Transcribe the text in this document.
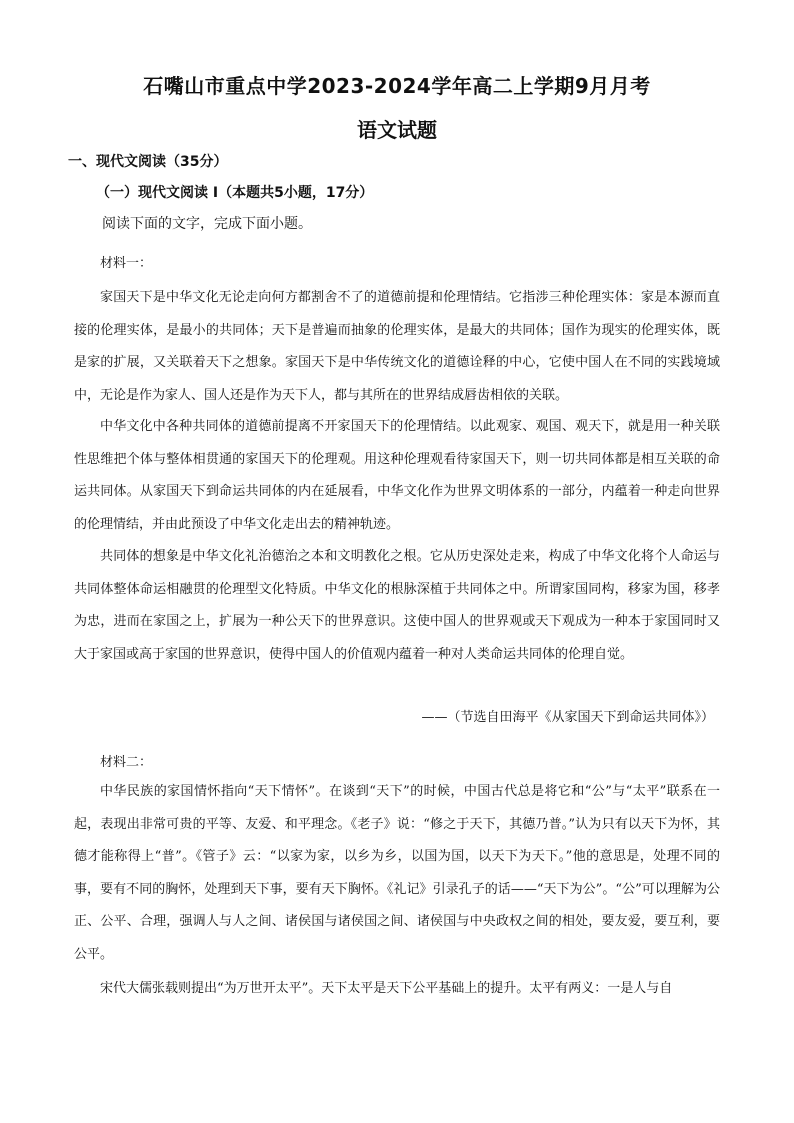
石嘴山市重点中学2023-2024学年高二上学期9月月考
语文试题
一、现代文阅读（35分）
（一）现代文阅读 I（本题共5小题，17分）

阅读下面的文字，完成下面小题。

材料一：

家国天下是中华文化无论走向何方都割舍不了的道德前提和伦理情结。它指涉三种伦理实体：家是本源而直接的伦理实体，是最小的共同体；天下是普遍而抽象的伦理实体，是最大的共同体；国作为现实的伦理实体，既是家的扩展，又关联着天下之想象。家国天下是中华传统文化的道德诠释的中心，它使中国人在不同的实践境域中，无论是作为家人、国人还是作为天下人，都与其所在的世界结成唇齿相依的关联。

中华文化中各种共同体的道德前提离不开家国天下的伦理情结。以此观家、观国、观天下，就是用一种关联性思维把个体与整体相贯通的家国天下的伦理观。用这种伦理观看待家国天下，则一切共同体都是相互关联的命运共同体。从家国天下到命运共同体的内在延展看，中华文化作为世界文明体系的一部分，内蕴着一种走向世界的伦理情结，并由此预设了中华文化走出去的精神轨迹。

共同体的想象是中华文化礼治德治之本和文明教化之根。它从历史深处走来，构成了中华文化将个人命运与共同体整体命运相融贯的伦理型文化特质。中华文化的根脉深植于共同体之中。所谓家国同构，移家为国，移孝为忠，进而在家国之上，扩展为一种公天下的世界意识。这使中国人的世界观或天下观成为一种本于家国同时又大于家国或高于家国的世界意识，使得中国人的价值观内蕴着一种对人类命运共同体的伦理自觉。

——（节选自田海平《从家国天下到命运共同体》）

材料二：

中华民族的家国情怀指向“天下情怀”。在谈到“天下”的时候，中国古代总是将它和“公”与“太平”联系在一起，表现出非常可贵的平等、友爱、和平理念。《老子》说：“修之于天下，其德乃普。”认为只有以天下为怀，其德才能称得上“普”。《管子》云：“以家为家，以乡为乡，以国为国，以天下为天下。”他的意思是，处理不同的事，要有不同的胸怀，处理到天下事，要有天下胸怀。《礼记》引录孔子的话——“天下为公”。“公”可以理解为公正、公平、合理，强调人与人之间、诸侯国与诸侯国之间、诸侯国与中央政权之间的相处，要友爱，要互利，要公平。

宋代大儒张载则提出“为万世开太平”。天下太平是天下公平基础上的提升。太平有两义：一是人与自
